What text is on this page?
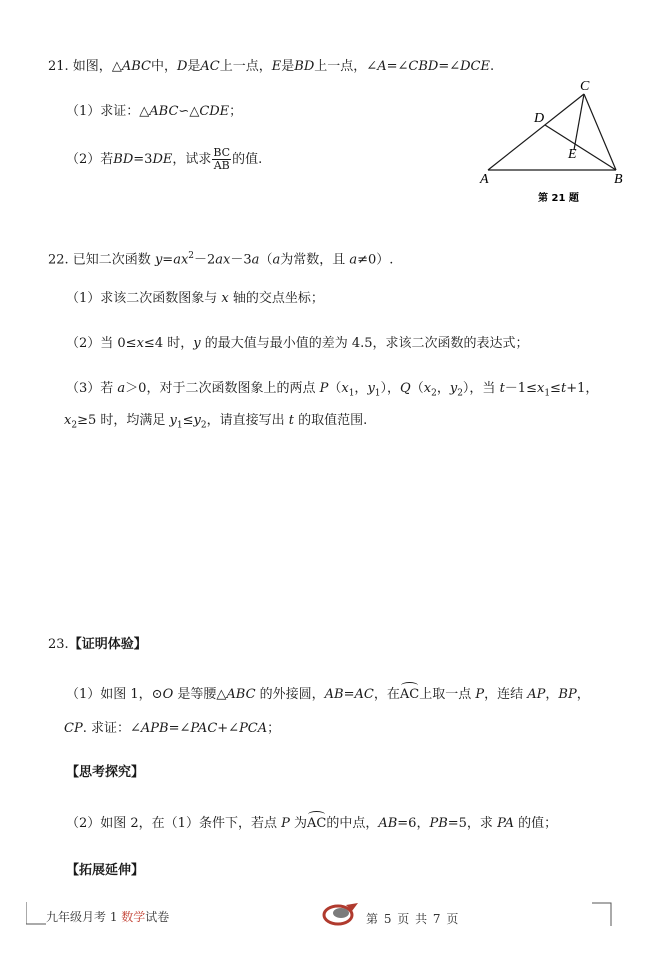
21. 如图，△ABC中，D是AC上一点，E是BD上一点，∠A=∠CBD=∠DCE.
（1）求证：△ABC∽△CDE；
（2）若BD=3DE，试求 $\frac{BC}{AB}$ 的值.
A	B
C
D
E
第 21 题
22. 已知二次函数 $y=ax^2-2ax-3a(a$为常数，且 a≠0）.
（1）求该二次函数图象与 x 轴的交点坐标；
（2）当 0≤x≤4 时，y 的最大值与最小值的差为 4.5，求该二次函数的表达式；
（3）若 a＞0，对于二次函数图象上的两点 $P(x_1$，$y_1$），$Q(x_2$，$y_2$），当 $t-1\le x_1\le t+1$，
$x_2\ge 5$ 时，均满足 $y_1\le y_2$，请直接写出 t 的取值范围.
23.【证明体验】
（1）如图 1，⊙O 是等腰△ABC 的外接圆，AB=AC，在AC上取一点 P，连结 AP，BP，
CP. 求证：∠APB=∠PAC+∠PCA；
【思考探究】
（2）如图 2，在（1）条件下，若点 P 为AC的中点，AB=6，PB=5，求 PA 的值；
【拓展延伸】
九年级月考 1 数学试卷	第 5 页 共 7 页
